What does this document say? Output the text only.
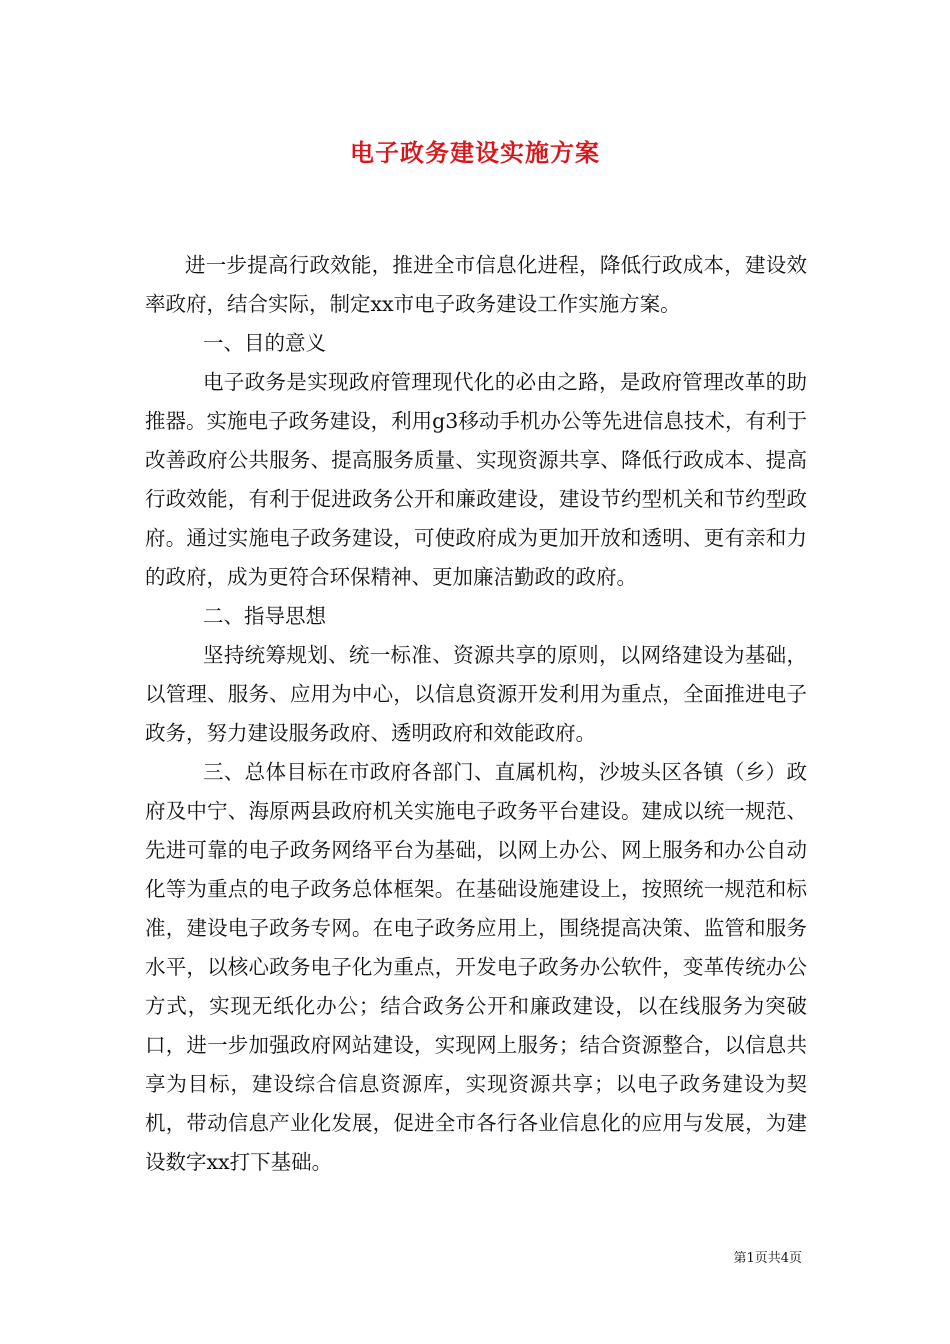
电子政务建设实施方案

进一步提高行政效能，推进全市信息化进程，降低行政成本，建设效率政府，结合实际，制定xx市电子政务建设工作实施方案。

一、目的意义

电子政务是实现政府管理现代化的必由之路，是政府管理改革的助推器。实施电子政务建设，利用g3移动手机办公等先进信息技术，有利于改善政府公共服务、提高服务质量、实现资源共享、降低行政成本、提高行政效能，有利于促进政务公开和廉政建设，建设节约型机关和节约型政府。通过实施电子政务建设，可使政府成为更加开放和透明、更有亲和力的政府，成为更符合环保精神、更加廉洁勤政的政府。

二、指导思想

坚持统筹规划、统一标准、资源共享的原则，以网络建设为基础，以管理、服务、应用为中心，以信息资源开发利用为重点，全面推进电子政务，努力建设服务政府、透明政府和效能政府。

三、总体目标在市政府各部门、直属机构，沙坡头区各镇（乡）政府及中宁、海原两县政府机关实施电子政务平台建设。建成以统一规范、先进可靠的电子政务网络平台为基础，以网上办公、网上服务和办公自动化等为重点的电子政务总体框架。在基础设施建设上，按照统一规范和标准，建设电子政务专网。在电子政务应用上，围绕提高决策、监管和服务水平，以核心政务电子化为重点，开发电子政务办公软件，变革传统办公方式，实现无纸化办公；结合政务公开和廉政建设，以在线服务为突破口，进一步加强政府网站建设，实现网上服务；结合资源整合，以信息共享为目标，建设综合信息资源库，实现资源共享；以电子政务建设为契机，带动信息产业化发展，促进全市各行各业信息化的应用与发展，为建设数字xx打下基础。

第1页共4页
